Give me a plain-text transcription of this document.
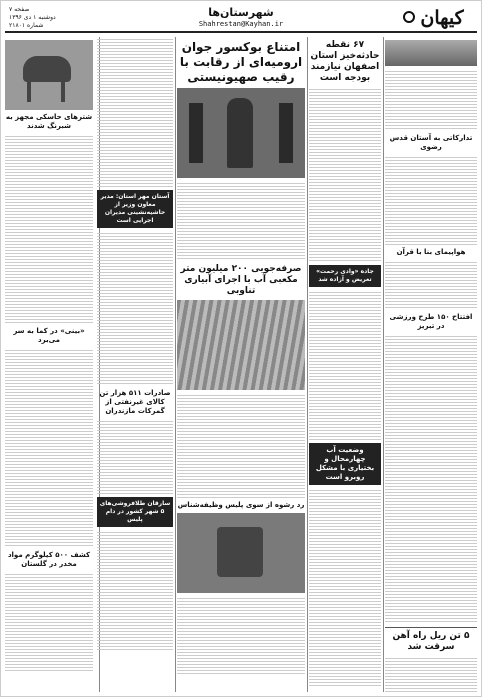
کیهان
شهرستان‌ها
Shahrestan@Kayhan.ir
صفحه ۷
دوشنبه ۱ دی ۱۳۹۶
شماره ۲۱۸۰۱
تدارکاتی به آستان قدس رضوی
هواپیمای بنا با قرآن
افتتاح ۱۵۰ طرح ورزشی در تبریز
۵ تن ریل راه آهن سرقت شد
۶۷ نقطه حادثه‌خیز استان اصفهان نیازمند بودجه است
جاده «وادی رحمت» تعریض و آزاده شد
وضعیت آب چهارمحال و بختیاری با مشکل روبرو است
امتناع بوکسور جوان ارومیه‌ای از رقابت با رقیب صهیونیستی
صرفه‌جویی ۲۰۰ میلیون متر مکعبی آب با اجرای آبیاری تناوبی
رد رشوه از سوی پلیس وظیفه‌شناس
آستان مهر استان: مدیر معاون وزیر از حاشیه‌نشینی مدیران اجرایی است
صادرات ۵۱۱ هزار تن کالای غیرنفتی از گمرکات مازندران
سارقان طلافروشی‌های ۵ شهر کشور در دام پلیس
شترهای حاسکی مجهز به شبرنگ شدند
«بینی» در کما به سر می‌برد
کشف ۵۰۰ کیلوگرم مواد مخدر در گلستان
